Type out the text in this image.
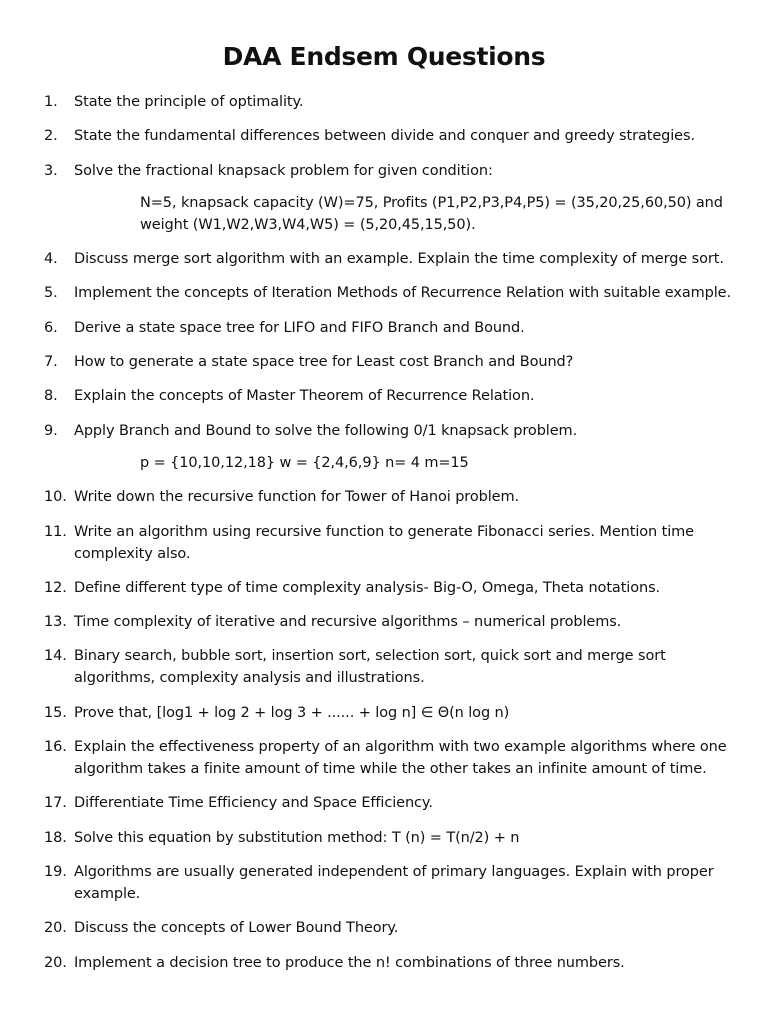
DAA Endsem Questions
1.	State the principle of optimality.
2.	State the fundamental differences between divide and conquer and greedy strategies.
3.	Solve the fractional knapsack problem for given condition:
N=5, knapsack capacity (W)=75, Profits (P1,P2,P3,P4,P5) = (35,20,25,60,50) and weight (W1,W2,W3,W4,W5) = (5,20,45,15,50).
4.	Discuss merge sort algorithm with an example. Explain the time complexity of merge sort.
5.	Implement the concepts of Iteration Methods of Recurrence Relation with suitable example.
6.	Derive a state space tree for LIFO and FIFO Branch and Bound.
7.	How to generate a state space tree for Least cost Branch and Bound?
8.	Explain the concepts of Master Theorem of Recurrence Relation.
9.	Apply Branch and Bound to solve the following 0/1 knapsack problem.
p = {10,10,12,18} w = {2,4,6,9} n= 4 m=15
10. Write down the recursive function for Tower of Hanoi problem.
11. Write an algorithm using recursive function to generate Fibonacci series. Mention time complexity also.
12. Define different type of time complexity analysis- Big-O, Omega, Theta notations.
13. Time complexity of iterative and recursive algorithms – numerical problems.
14. Binary search, bubble sort, insertion sort, selection sort, quick sort and merge sort algorithms, complexity analysis and illustrations.
15. Prove that, [log1 + log 2 + log 3 + ...... + log n] ∈ Θ(n log n)
16. Explain the effectiveness property of an algorithm with two example algorithms where one algorithm takes a finite amount of time while the other takes an infinite amount of time.
17. Differentiate Time Efficiency and Space Efficiency.
18. Solve this equation by substitution method: T (n) = T(n/2) + n
19. Algorithms are usually generated independent of primary languages. Explain with proper example.
20. Discuss the concepts of Lower Bound Theory.
20. Implement a decision tree to produce the n! combinations of three numbers.
